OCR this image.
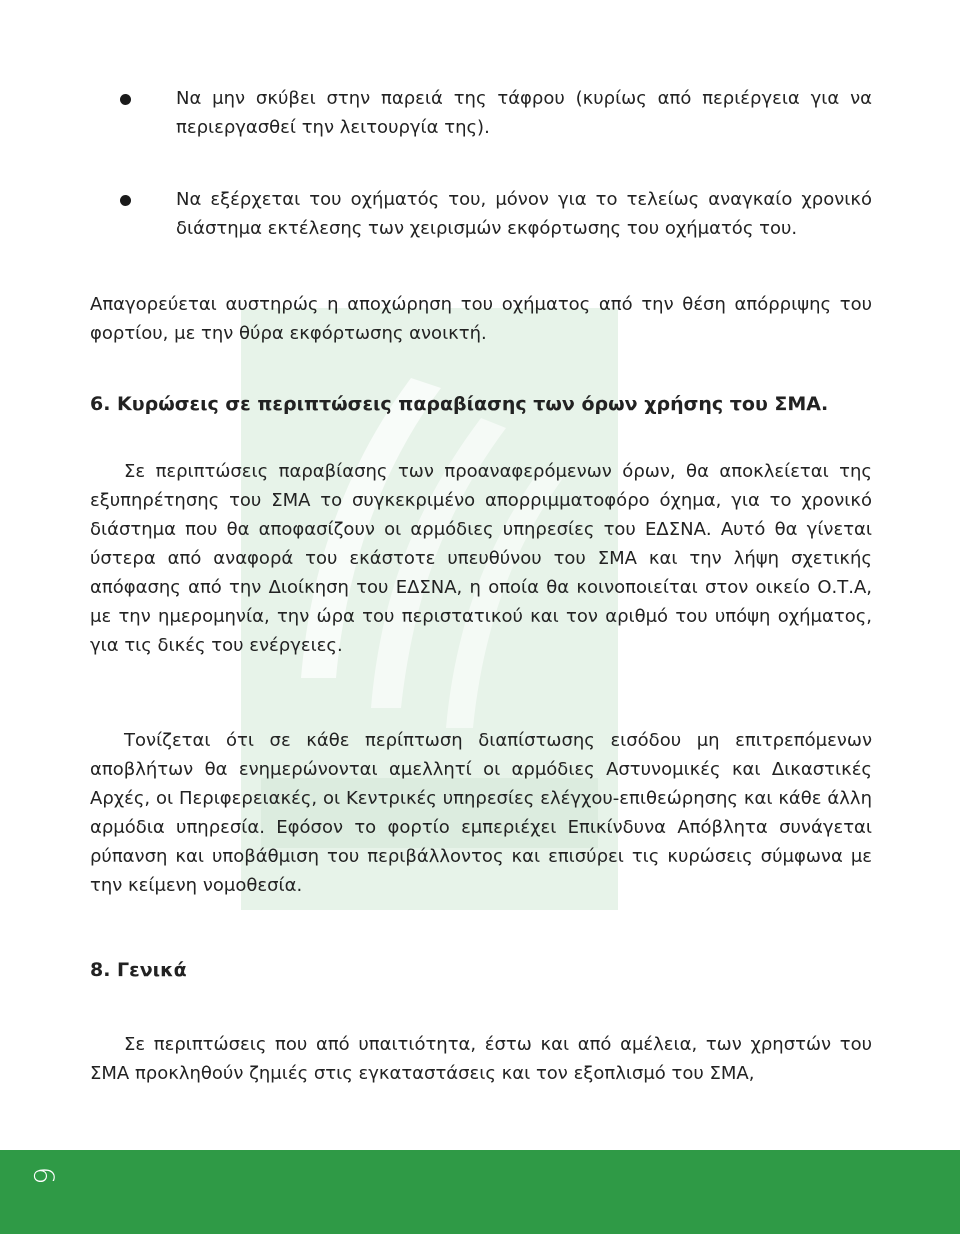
Να μην σκύβει στην παρειά της τάφρου (κυρίως από περιέργεια για να περιεργασθεί την λειτουργία της).

Να εξέρχεται του οχήματός του, μόνον για το τελείως αναγκαίο χρονικό διάστημα εκτέλεσης των χειρισμών εκφόρτωσης του οχήματός του.

Απαγορεύεται αυστηρώς η αποχώρηση του οχήματος από την θέση απόρριψης του φορτίου, με την θύρα εκφόρτωσης ανοικτή.

6. Κυρώσεις σε περιπτώσεις παραβίασης των όρων χρήσης του ΣΜΑ.

Σε περιπτώσεις παραβίασης των προαναφερόμενων όρων, θα αποκλείεται της εξυπηρέτησης του ΣΜΑ το συγκεκριμένο απορριμματοφόρο όχημα, για το χρονικό διάστημα που θα αποφασίζουν οι αρμόδιες υπηρεσίες του ΕΔΣΝΑ. Αυτό θα γίνεται ύστερα από αναφορά του εκάστοτε υπευθύνου του ΣΜΑ και την λήψη σχετικής απόφασης από την Διοίκηση του ΕΔΣΝΑ, η οποία θα κοινοποιείται στον οικείο Ο.Τ.Α, με την ημερομηνία, την ώρα του περιστατικού και τον αριθμό του υπόψη οχήματος, για τις δικές του ενέργειες.

Τονίζεται ότι σε κάθε περίπτωση διαπίστωσης εισόδου μη επιτρεπόμενων αποβλήτων θα ενημερώνονται αμελλητί οι αρμόδιες Αστυνομικές και Δικαστικές Αρχές, οι Περιφερειακές, οι Κεντρικές υπηρεσίες ελέγχου-επιθεώρησης και κάθε άλλη αρμόδια υπηρεσία. Εφόσον το φορτίο εμπεριέχει Επικίνδυνα Απόβλητα συνάγεται ρύπανση και υποβάθμιση του περιβάλλοντος και επισύρει τις κυρώσεις σύμφωνα με την κείμενη νομοθεσία.

8. Γενικά

Σε περιπτώσεις που από υπαιτιότητα, έστω και από αμέλεια, των χρηστών του ΣΜΑ προκληθούν ζημιές στις εγκαταστάσεις και τον εξοπλισμό του ΣΜΑ,

6
